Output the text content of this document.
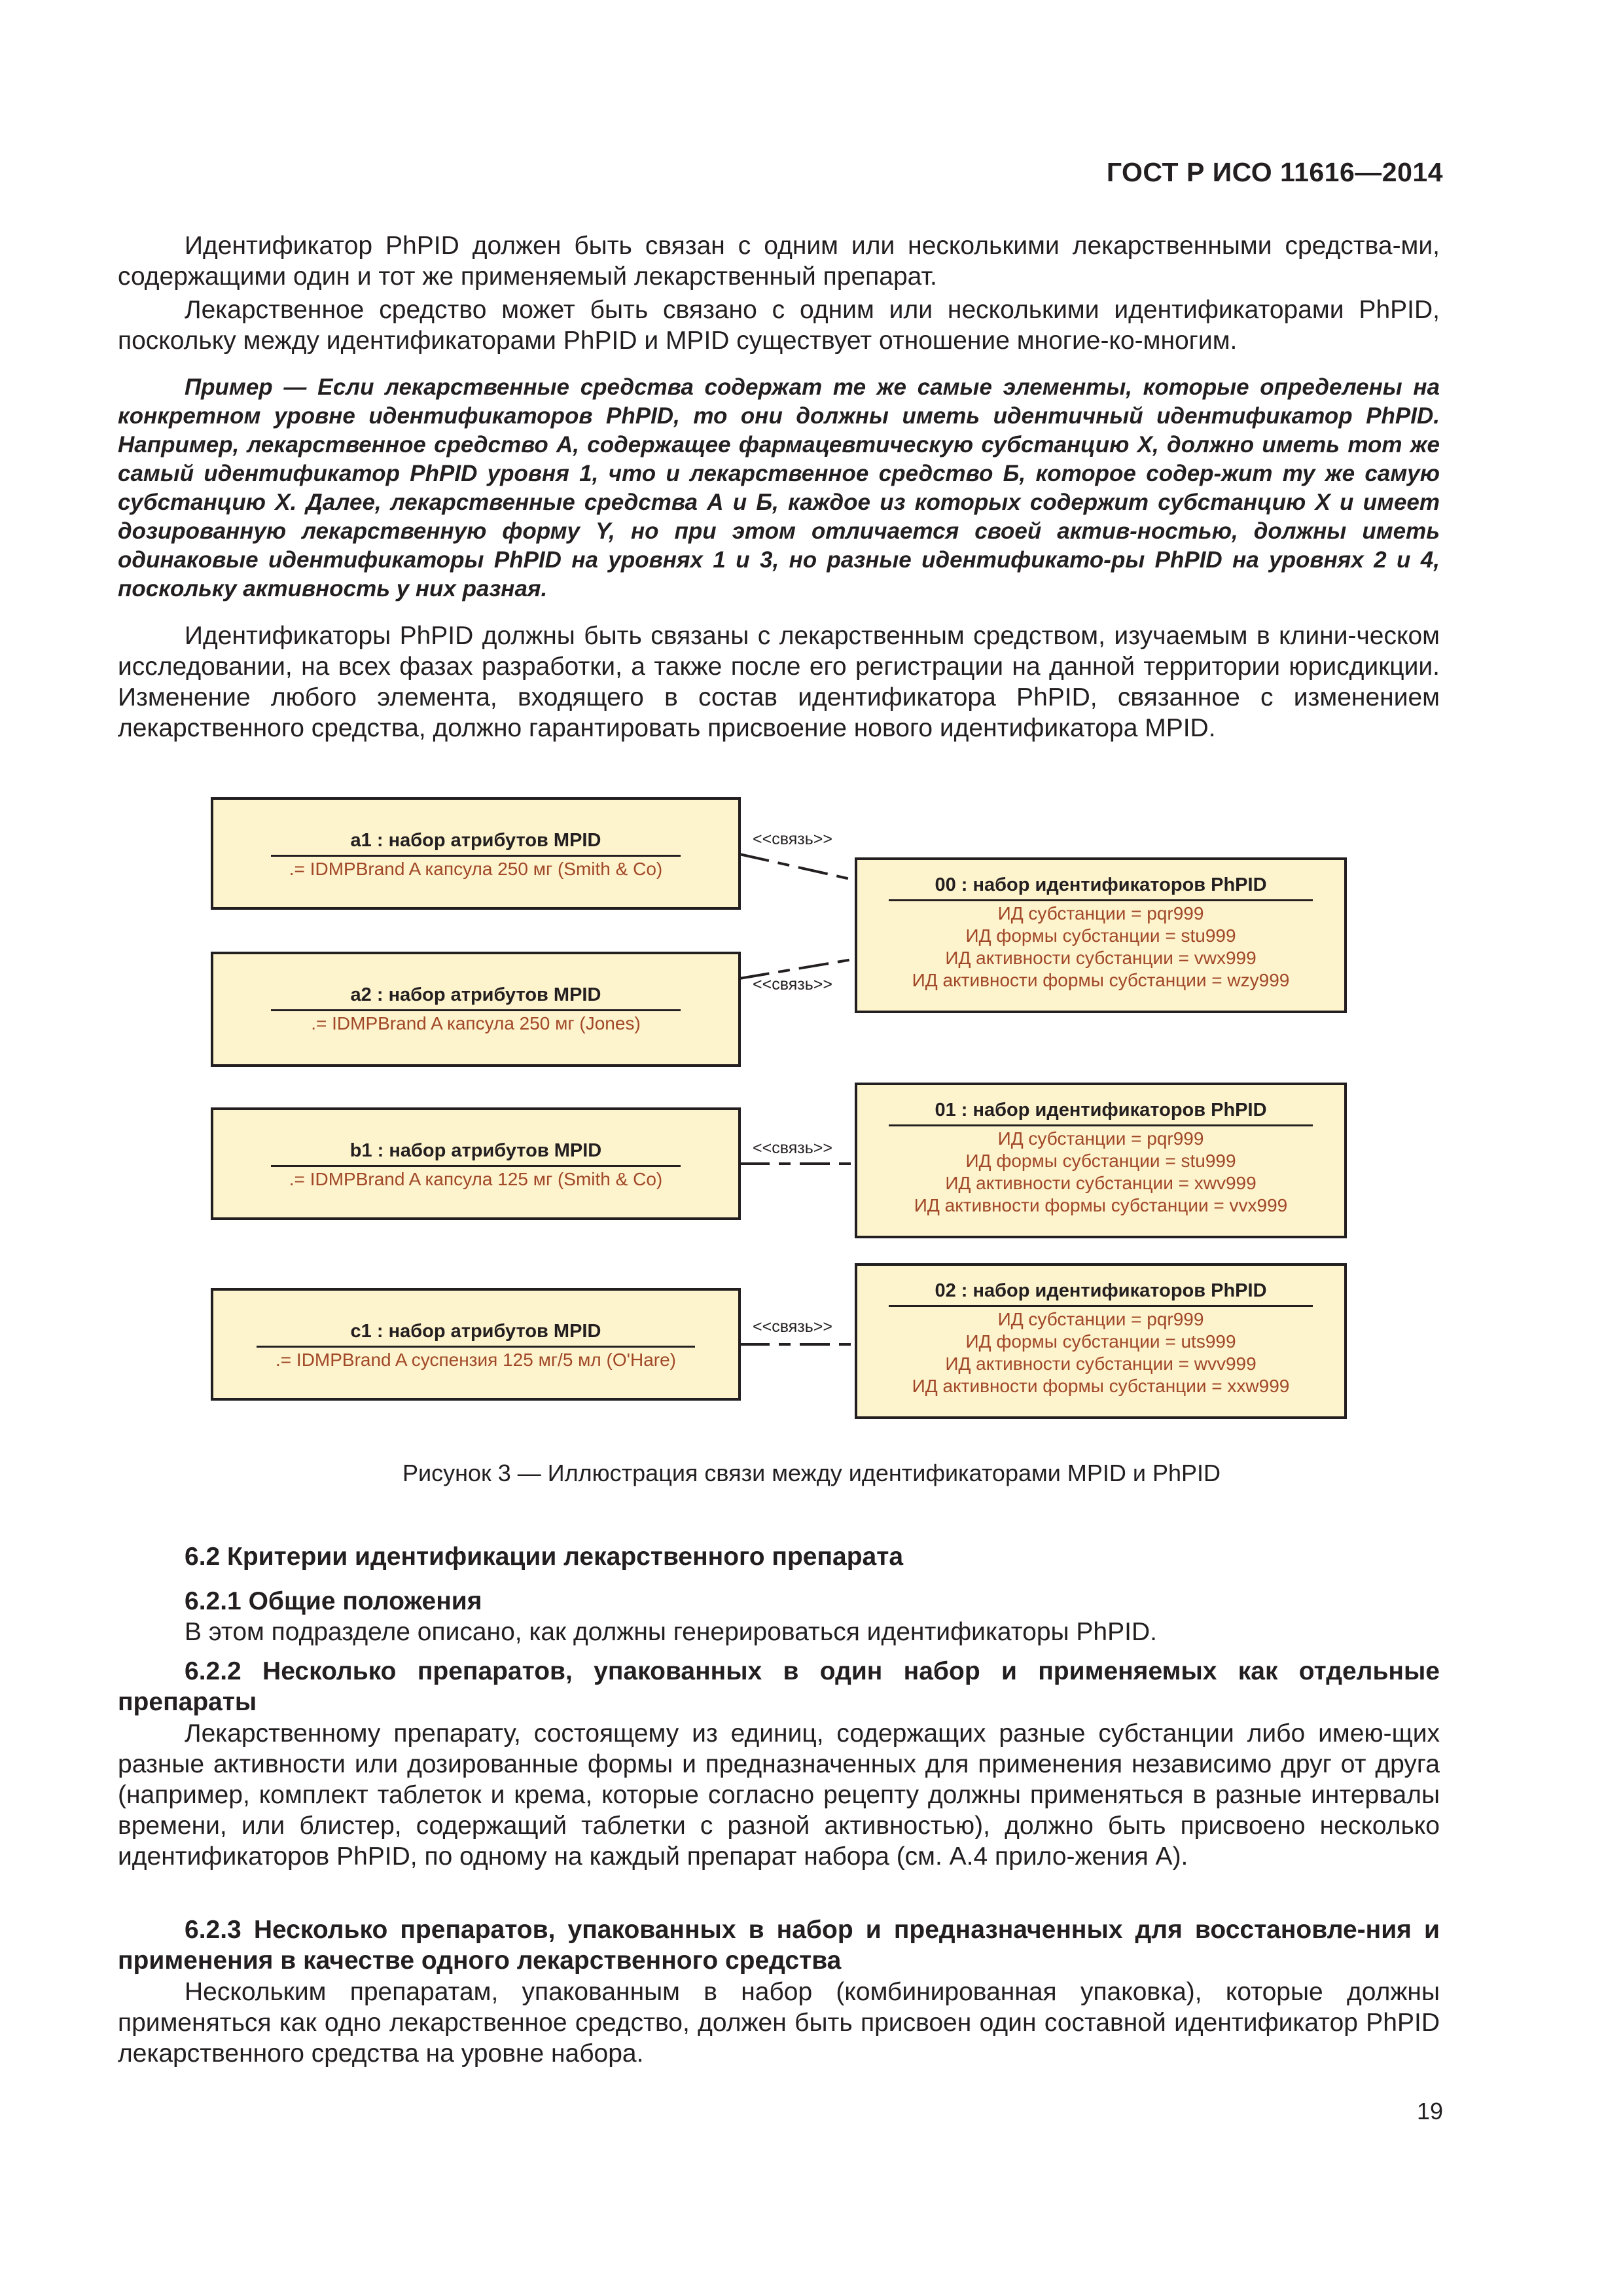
ГОСТ Р ИСО 11616—2014

Идентификатор PhPID должен быть связан с одним или несколькими лекарственными средства-ми, содержащими один и тот же применяемый лекарственный препарат.

Лекарственное средство может быть связано с одним или несколькими идентификаторами PhPID, поскольку между идентификаторами PhPID и MPID существует отношение многие-ко-многим.

Пример — Если лекарственные средства содержат те же самые элементы, которые определены на конкретном уровне идентификаторов PhPID, то они должны иметь идентичный идентификатор PhPID. Например, лекарственное средство А, содержащее фармацевтическую субстанцию X, должно иметь тот же самый идентификатор PhPID уровня 1, что и лекарственное средство Б, которое содер-жит ту же самую субстанцию X. Далее, лекарственные средства А и Б, каждое из которых содержит субстанцию X и имеет дозированную лекарственную форму Y, но при этом отличается своей актив-ностью, должны иметь одинаковые идентификаторы PhPID на уровнях 1 и 3, но разные идентификато-ры PhPID на уровнях 2 и 4, поскольку активность у них разная.

Идентификаторы PhPID должны быть связаны с лекарственным средством, изучаемым в клини-ческом исследовании, на всех фазах разработки, а также после его регистрации на данной территории юрисдикции. Изменение любого элемента, входящего в состав идентификатора PhPID, связанное с изменением лекарственного средства, должно гарантировать присвоение нового идентификатора MPID.

<<связь>>
<<связь>>
<<связь>>
<<связь>>
a1 : набор атрибутов MPID
.= IDMPBrand A капсула 250 мг (Smith & Co)
a2 : набор атрибутов MPID
.= IDMPBrand A капсула 250 мг (Jones)
b1 : набор атрибутов MPID
.= IDMPBrand A капсула 125 мг (Smith & Co)
c1 : набор атрибутов MPID
.= IDMPBrand A суспензия 125 мг/5 мл (O'Hare)
00 : набор идентификаторов PhPID
ИД субстанции = pqr999
ИД формы субстанции = stu999
ИД активности субстанции = vwx999
ИД активности формы субстанции = wzy999
01 : набор идентификаторов PhPID
ИД субстанции = pqr999
ИД формы субстанции = stu999
ИД активности субстанции = xwv999
ИД активности формы субстанции = vvx999
02 : набор идентификаторов PhPID
ИД субстанции = pqr999
ИД формы субстанции = uts999
ИД активности субстанции = wvv999
ИД активности формы субстанции = xxw999
Рисунок 3 — Иллюстрация связи между идентификаторами MPID и PhPID

6.2 Критерии идентификации лекарственного препарата

6.2.1 Общие положения

В этом подразделе описано, как должны генерироваться идентификаторы PhPID.

6.2.2 Несколько препаратов, упакованных в один набор и применяемых как отдельные препараты

Лекарственному препарату, состоящему из единиц, содержащих разные субстанции либо имею-щих разные активности или дозированные формы и предназначенных для применения независимо друг от друга (например, комплект таблеток и крема, которые согласно рецепту должны применяться в разные интервалы времени, или блистер, содержащий таблетки с разной активностью), должно быть присвоено несколько идентификаторов PhPID, по одному на каждый препарат набора (см. А.4 прило-жения А).

6.2.3 Несколько препаратов, упакованных в набор и предназначенных для восстановле-ния и применения в качестве одного лекарственного средства

Нескольким препаратам, упакованным в набор (комбинированная упаковка), которые должны применяться как одно лекарственное средство, должен быть присвоен один составной идентификатор PhPID лекарственного средства на уровне набора.

19
